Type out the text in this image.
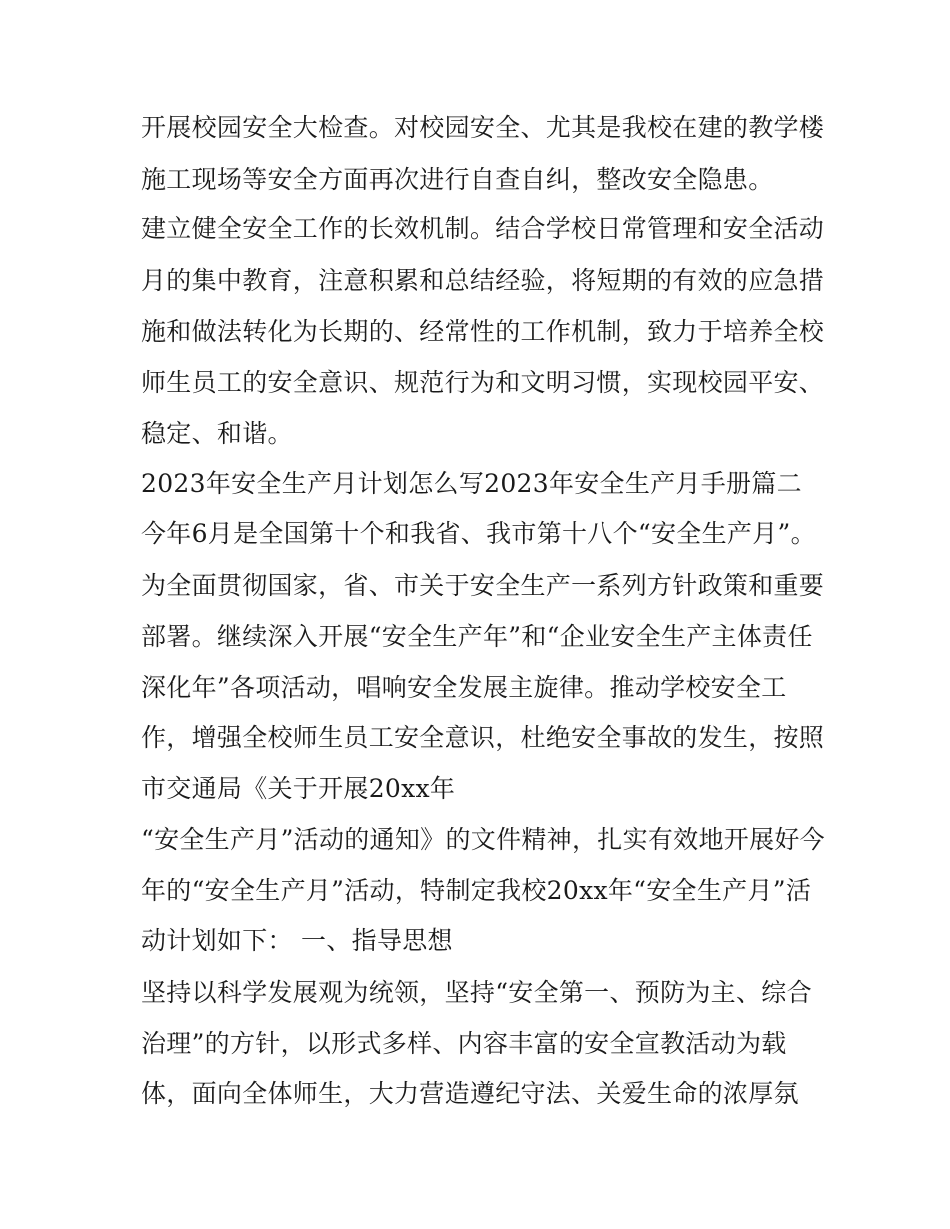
开展校园安全大检查。对校园安全、尤其是我校在建的教学楼
施工现场等安全方面再次进行自查自纠，整改安全隐患。
建立健全安全工作的长效机制。结合学校日常管理和安全活动
月的集中教育，注意积累和总结经验，将短期的有效的应急措
施和做法转化为长期的、经常性的工作机制，致力于培养全校
师生员工的安全意识、规范行为和文明习惯，实现校园平安、
稳定、和谐。
2023年安全生产月计划怎么写2023年安全生产月手册篇二
今年6月是全国第十个和我省、我市第十八个“安全生产月”。
为全面贯彻国家，省、市关于安全生产一系列方针政策和重要
部署。继续深入开展“安全生产年”和“企业安全生产主体责任
深化年”各项活动，唱响安全发展主旋律。推动学校安全工
作，增强全校师生员工安全意识，杜绝安全事故的发生，按照
市交通局《关于开展20xx年
“安全生产月”活动的通知》的文件精神，扎实有效地开展好今
年的“安全生产月”活动，特制定我校20xx年“安全生产月”活
动计划如下： 一、指导思想
坚持以科学发展观为统领，坚持“安全第一、预防为主、综合
治理”的方针，以形式多样、内容丰富的安全宣教活动为载
体，面向全体师生，大力营造遵纪守法、关爱生命的浓厚氛
